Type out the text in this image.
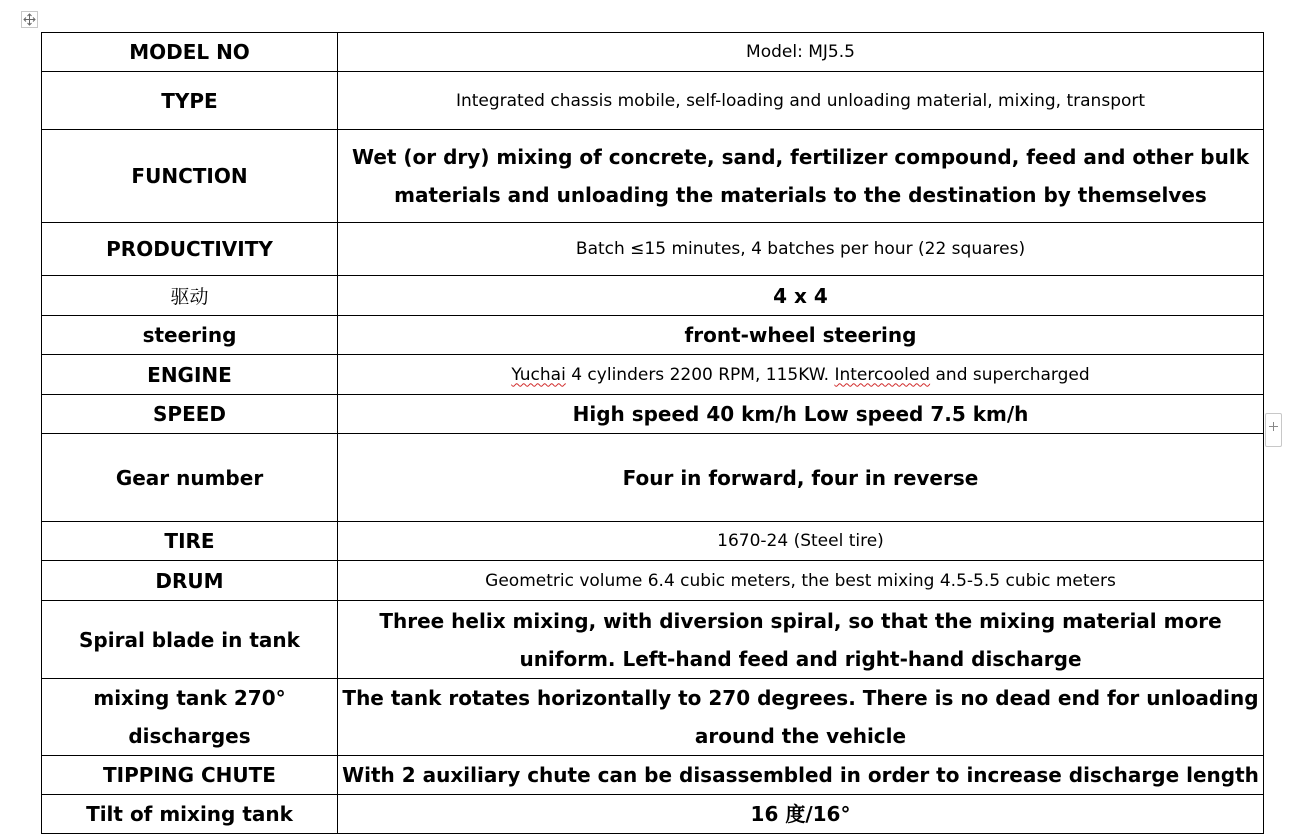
MODEL NO	Model: MJ5.5
TYPE	Integrated chassis mobile, self-loading and unloading material, mixing, transport
FUNCTION	Wet (or dry) mixing of concrete, sand, fertilizer compound, feed and other bulk materials and unloading the materials to the destination by themselves
PRODUCTIVITY	Batch ≤15 minutes, 4 batches per hour (22 squares)
驱动	4 x 4
steering	front-wheel steering
ENGINE	Yuchai 4 cylinders 2200 RPM, 115KW. Intercooled and supercharged
SPEED	High speed 40 km/h Low speed 7.5 km/h
Gear number	Four in forward, four in reverse
TIRE	1670-24 (Steel tire)
DRUM	Geometric volume 6.4 cubic meters, the best mixing 4.5-5.5 cubic meters
Spiral blade in tank	Three helix mixing, with diversion spiral, so that the mixing material more uniform. Left-hand feed and right-hand discharge
mixing tank 270° discharges	The tank rotates horizontally to 270 degrees. There is no dead end for unloading around the vehicle
TIPPING CHUTE	With 2 auxiliary chute can be disassembled in order to increase discharge length
Tilt of mixing tank	16 度/16°
